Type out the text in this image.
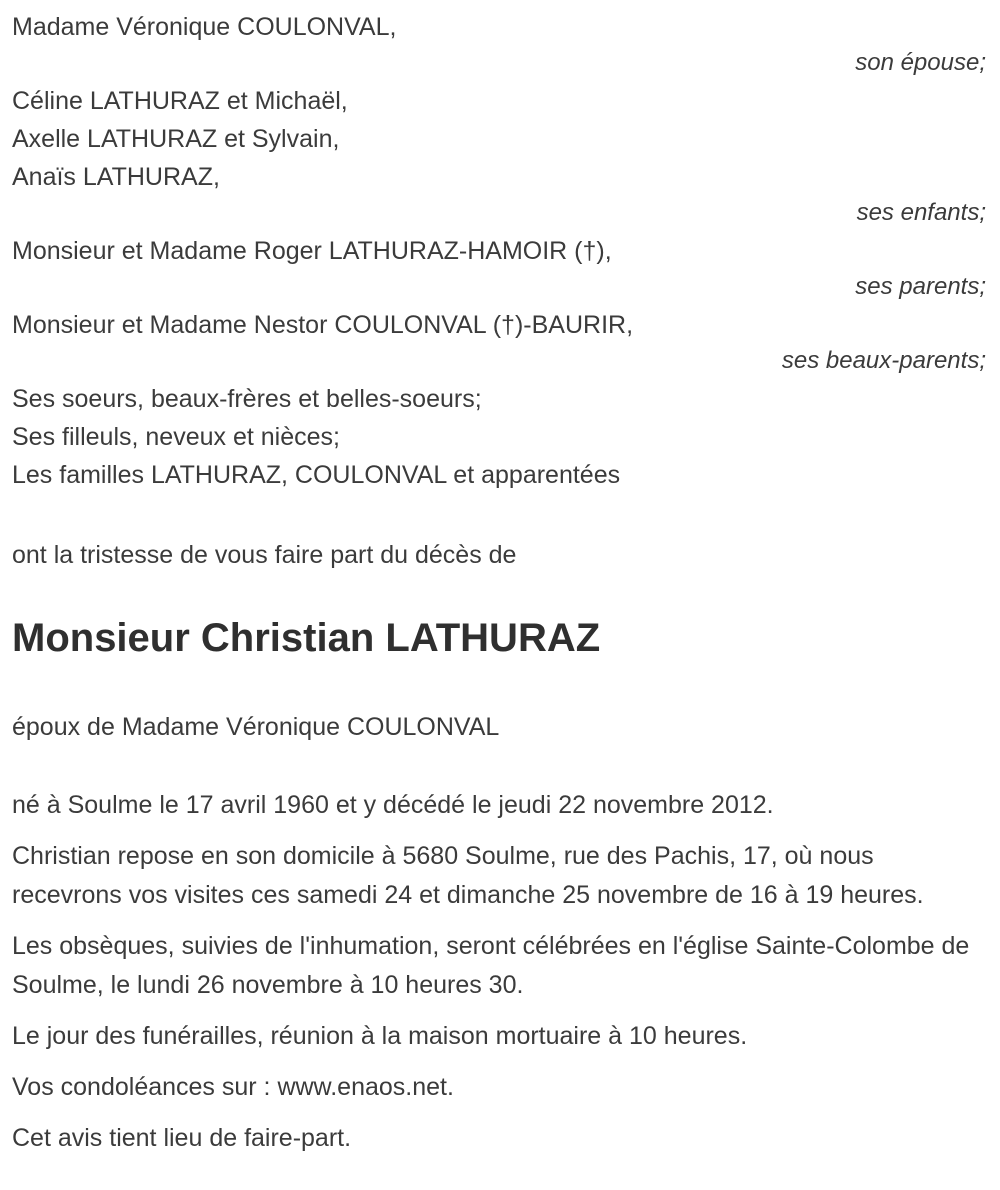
Madame Véronique COULONVAL,
son épouse;
Céline LATHURAZ et Michaël,
Axelle LATHURAZ et Sylvain,
Anaïs LATHURAZ,
ses enfants;
Monsieur et Madame Roger LATHURAZ-HAMOIR (†),
ses parents;
Monsieur et Madame Nestor COULONVAL (†)-BAURIR,
ses beaux-parents;
Ses soeurs, beaux-frères et belles-soeurs;
Ses filleuls, neveux et nièces;
Les familles LATHURAZ, COULONVAL et apparentées
ont la tristesse de vous faire part du décès de
Monsieur Christian LATHURAZ
époux de Madame Véronique COULONVAL

né à Soulme le 17 avril 1960 et y décédé le jeudi 22 novembre 2012.

Christian repose en son domicile à 5680 Soulme, rue des Pachis, 17, où nous recevrons vos visites ces samedi 24 et dimanche 25 novembre de 16 à 19 heures.

Les obsèques, suivies de l'inhumation, seront célébrées en l'église Sainte-Colombe de Soulme, le lundi 26 novembre à 10 heures 30.

Le jour des funérailles, réunion à la maison mortuaire à 10 heures.

Vos condoléances sur : www.enaos.net.

Cet avis tient lieu de faire-part.
